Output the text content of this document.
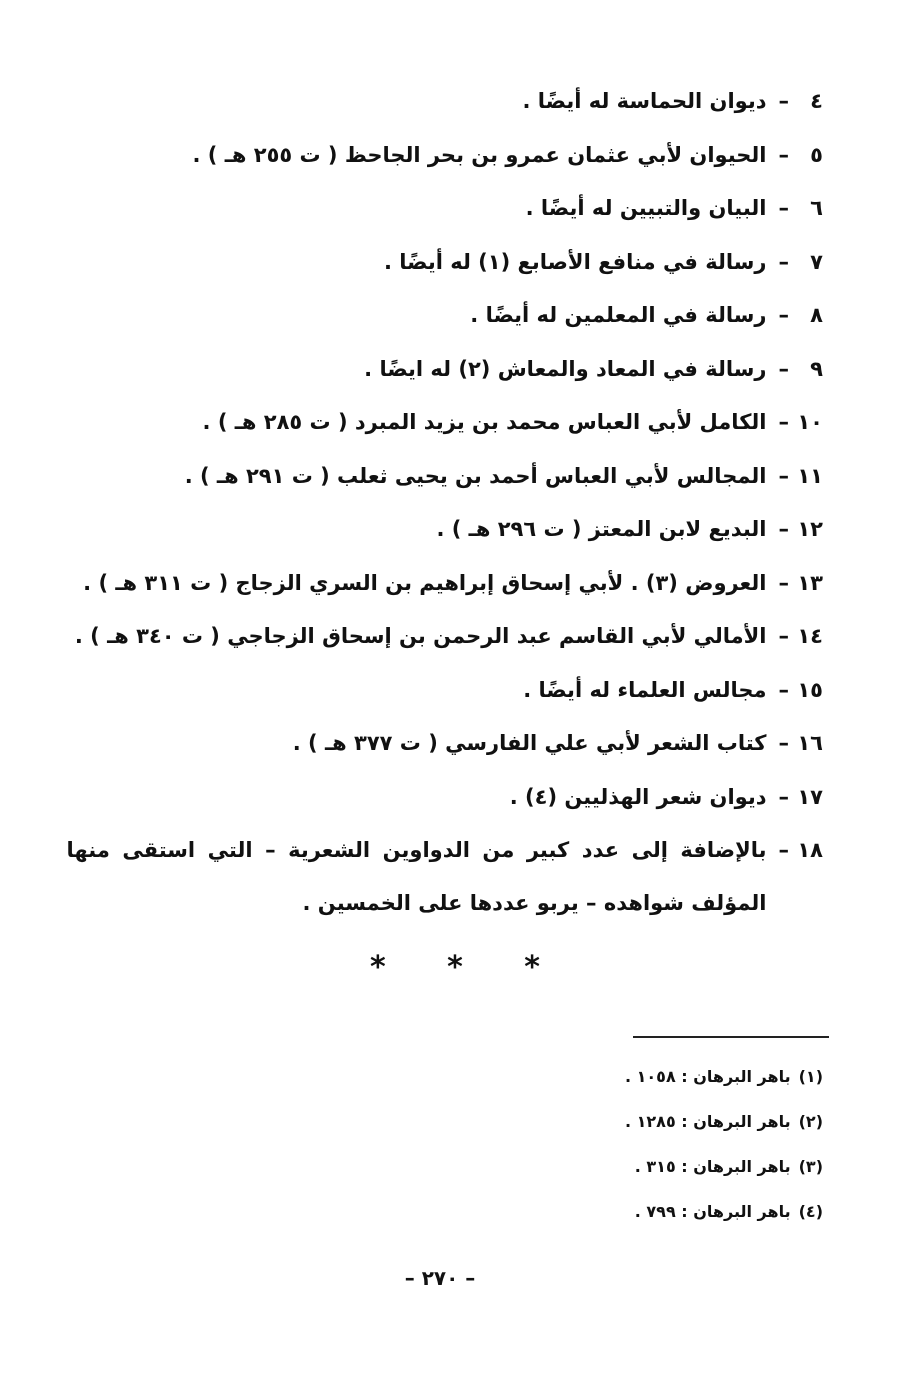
٤
–
ديوان الحماسة له أيضًا .
٥
–
الحيوان لأبي عثمان عمرو بن بحر الجاحظ ( ت ٢٥٥ هـ ) .
٦
–
البيان والتبيين له أيضًا .
٧
–
رسالة في منافع الأصابع (١) له أيضًا .
٨
–
رسالة في المعلمين له أيضًا .
٩
–
رسالة في المعاد والمعاش (٢) له ايضًا .
١٠
–
الكامل لأبي العباس محمد بن يزيد المبرد ( ت ٢٨٥ هـ ) .
١١
–
المجالس لأبي العباس أحمد بن يحيى ثعلب ( ت ٢٩١ هـ ) .
١٢
–
البديع لابن المعتز ( ت ٢٩٦ هـ ) .
١٣
–
العروض (٣) . لأبي إسحاق إبراهيم بن السري الزجاج ( ت ٣١١ هـ ) .
١٤
–
الأمالي لأبي القاسم عبد الرحمن بن إسحاق الزجاجي ( ت ٣٤٠ هـ ) .
١٥
–
مجالس العلماء له أيضًا .
١٦
–
كتاب الشعر لأبي علي الفارسي ( ت ٣٧٧ هـ ) .
١٧
–
ديوان شعر الهذليين (٤) .
١٨
–
بالإضافة إلى عدد كبير من الدواوين الشعرية – التي استقى منها المؤلف شواهده – يربو عددها على الخمسين .
* * *
(١)باهر البرهان : ١٠٥٨ .
(٢)باهر البرهان : ١٢٨٥ .
(٣)باهر البرهان : ٣١٥ .
(٤)باهر البرهان : ٧٩٩ .
– ٢٧٠ –
